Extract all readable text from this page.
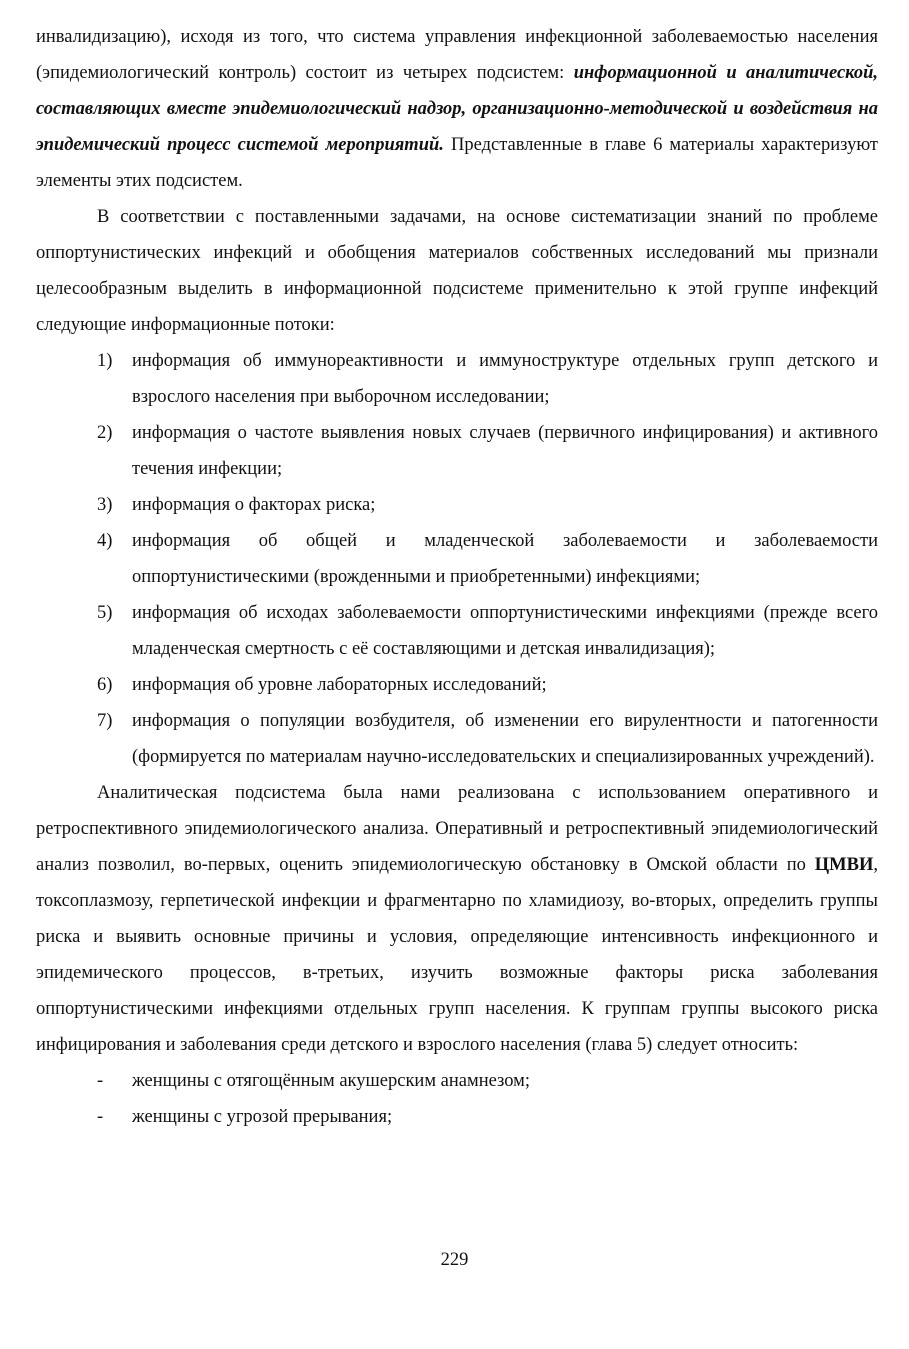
инвалидизацию), исходя из того, что система управления инфекционной заболеваемостью населения (эпидемиологический контроль) состоит из четырех подсистем: информационной и аналитической, составляющих вместе эпидемиологический надзор, организационно-методической и воздействия на эпидемический процесс системой мероприятий. Представленные в главе 6 материалы характеризуют элементы этих подсистем.

В соответствии с поставленными задачами, на основе систематизации знаний по проблеме оппортунистических инфекций и обобщения материалов собственных исследований мы признали целесообразным выделить в информационной подсистеме применительно к этой группе инфекций следующие информационные потоки:

1) информация об иммунореактивности и иммуноструктуре отдельных групп детского и взрослого населения при выборочном исследовании;
2) информация о частоте выявления новых случаев (первичного инфицирования) и активного течения инфекции;
3) информация о факторах риска;
4) информация об общей и младенческой заболеваемости и заболеваемости оппортунистическими (врожденными и приобретенными) инфекциями;
5) информация об исходах заболеваемости оппортунистическими инфекциями (прежде всего младенческая смертность с её составляющими и детская инвалидизация);
6) информация об уровне лабораторных исследований;
7) информация о популяции возбудителя, об изменении его вирулентности и патогенности (формируется по материалам научно-исследовательских и специализированных учреждений).

Аналитическая подсистема была нами реализована с использованием оперативного и ретроспективного эпидемиологического анализа. Оперативный и ретроспективный эпидемиологический анализ позволил, во-первых, оценить эпидемиологическую обстановку в Омской области по ЦМВИ, токсоплазмозу, герпетической инфекции и фрагментарно по хламидиозу, во-вторых, определить группы риска и выявить основные причины и условия, определяющие интенсивность инфекционного и эпидемического процессов, в-третьих, изучить возможные факторы риска заболевания оппортунистическими инфекциями отдельных групп населения. К группам группы высокого риска инфицирования и заболевания среди детского и взрослого населения (глава 5) следует относить:

- женщины с отягощённым акушерским анамнезом;
- женщины с угрозой прерывания;
229
